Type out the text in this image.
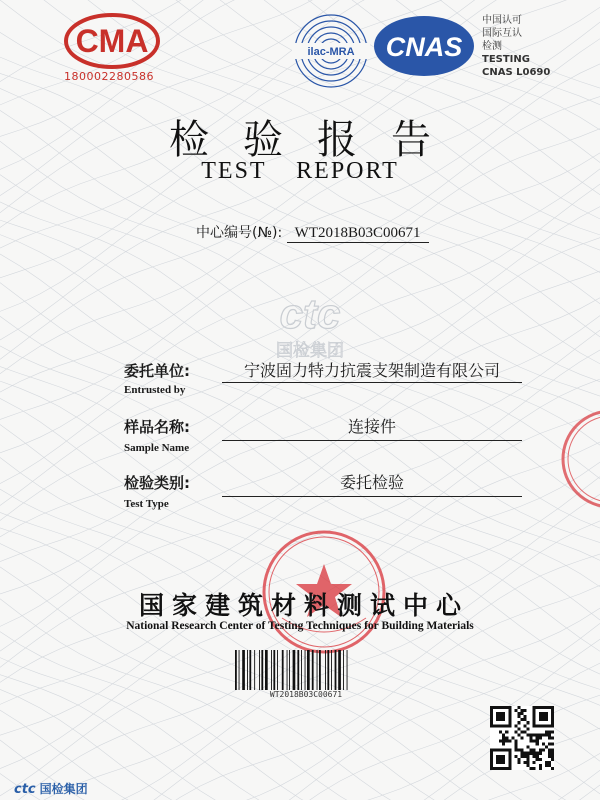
CMA
180002280586
ilac-MRA CNAS
中国认可
国际互认
检测
TESTING
CNAS L0690
检验报告
TEST REPORT
中心编号(№): WT2018B03C00671
ctc
国检集团
委托单位:
Entrusted by
宁波固力特力抗震支架制造有限公司
样品名称:
Sample Name
连接件
检验类别:
Test Type
委托检验
国家建筑材料测试中心
National Research Center of Testing Techniques for Building Materials
WT2018B03C00671
ctc 国检集团
